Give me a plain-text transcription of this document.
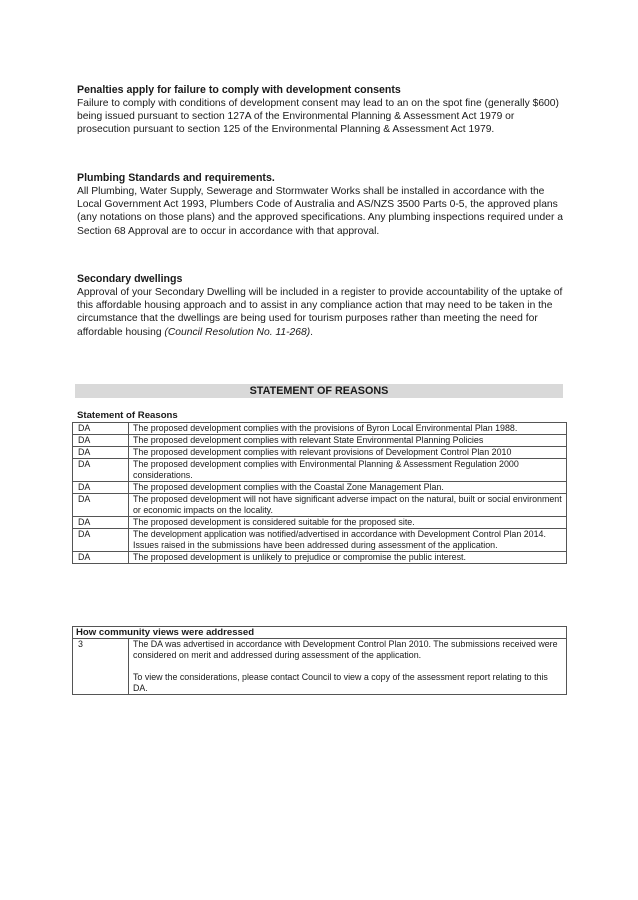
Penalties apply for failure to comply with development consents

Failure to comply with conditions of development consent may lead to an on the spot fine (generally $600) being issued pursuant to section 127A of the Environmental Planning & Assessment Act 1979 or prosecution pursuant to section 125 of the Environmental Planning & Assessment Act 1979.

Plumbing Standards and requirements.

All Plumbing, Water Supply, Sewerage and Stormwater Works shall be installed in accordance with the Local Government Act 1993, Plumbers Code of Australia and AS/NZS 3500 Parts 0-5, the approved plans (any notations on those plans) and the approved specifications. Any plumbing inspections required under a Section 68 Approval are to occur in accordance with that approval.

Secondary dwellings

Approval of your Secondary Dwelling will be included in a register to provide accountability of the uptake of this affordable housing approach and to assist in any compliance action that may need to be taken in the circumstance that the dwellings are being used for tourism purposes rather than meeting the need for affordable housing (Council Resolution No. 11-268).

STATEMENT OF REASONS
Statement of Reasons
DA	The proposed development complies with the provisions of Byron Local Environmental Plan 1988.
DA	The proposed development complies with relevant State Environmental Planning Policies
DA	The proposed development complies with relevant provisions of Development Control Plan 2010
DA	The proposed development complies with Environmental Planning & Assessment Regulation 2000 considerations.
DA	The proposed development complies with the Coastal Zone Management Plan.
DA	The proposed development will not have significant adverse impact on the natural, built or social environment or economic impacts on the locality.
DA	The proposed development is considered suitable for the proposed site.
DA	The development application was notified/advertised in accordance with Development Control Plan 2014. Issues raised in the submissions have been addressed during assessment of the application.
DA	The proposed development is unlikely to prejudice or compromise the public interest.
How community views were addressed
3	The DA was advertised in accordance with Development Control Plan 2010. The submissions received were considered on merit and addressed during assessment of the application.
To view the considerations, please contact Council to view a copy of the assessment report relating to this DA.
